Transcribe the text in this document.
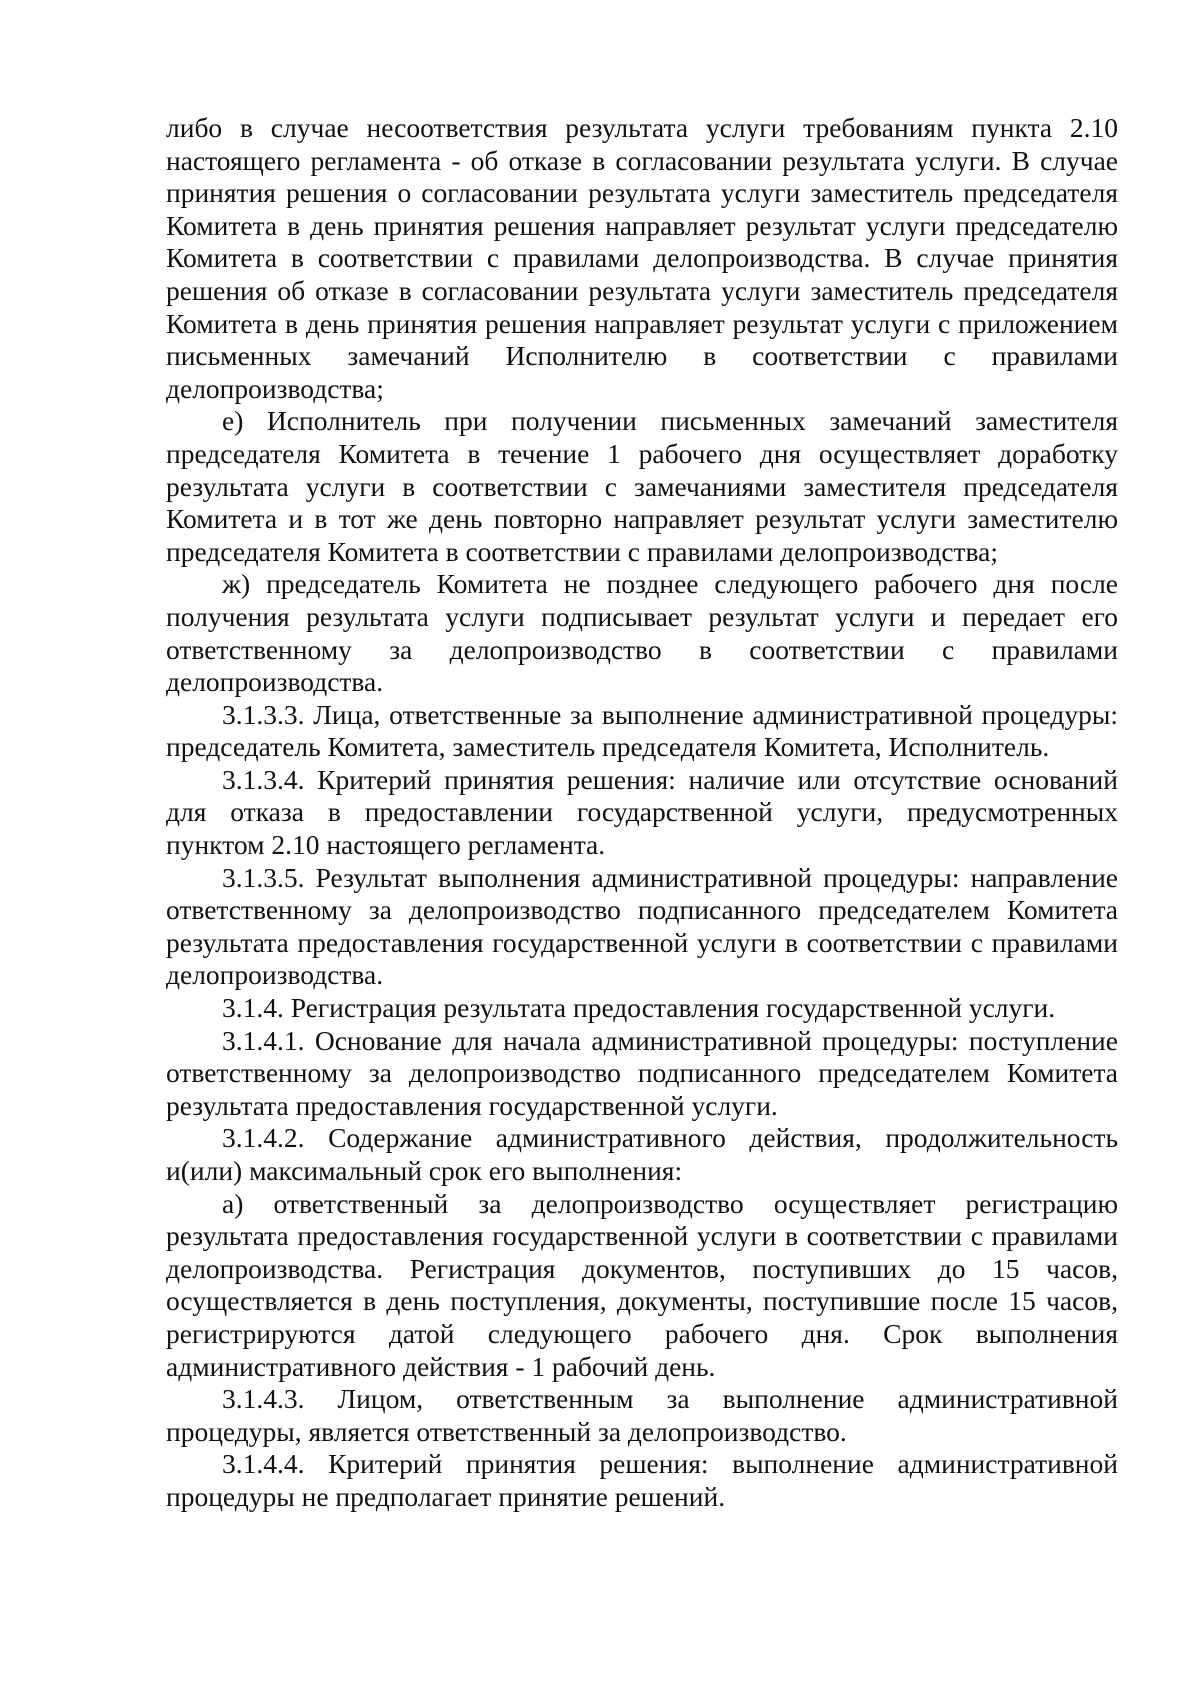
либо в случае несоответствия результата услуги требованиям пункта 2.10 настоящего регламента - об отказе в согласовании результата услуги. В случае принятия решения о согласовании результата услуги заместитель председателя Комитета в день принятия решения направляет результат услуги председателю Комитета в соответствии с правилами делопроизводства. В случае принятия решения об отказе в согласовании результата услуги заместитель председателя Комитета в день принятия решения направляет результат услуги с приложением письменных замечаний Исполнителю в соответствии с правилами делопроизводства;

е) Исполнитель при получении письменных замечаний заместителя председателя Комитета в течение 1 рабочего дня осуществляет доработку результата услуги в соответствии с замечаниями заместителя председателя Комитета и в тот же день повторно направляет результат услуги заместителю председателя Комитета в соответствии с правилами делопроизводства;

ж) председатель Комитета не позднее следующего рабочего дня после получения результата услуги подписывает результат услуги и передает его ответственному за делопроизводство в соответствии с правилами делопроизводства.

3.1.3.3. Лица, ответственные за выполнение административной процедуры: председатель Комитета, заместитель председателя Комитета, Исполнитель.

3.1.3.4. Критерий принятия решения: наличие или отсутствие оснований для отказа в предоставлении государственной услуги, предусмотренных пунктом 2.10 настоящего регламента.

3.1.3.5. Результат выполнения административной процедуры: направление ответственному за делопроизводство подписанного председателем Комитета результата предоставления государственной услуги в соответствии с правилами делопроизводства.

3.1.4. Регистрация результата предоставления государственной услуги.

3.1.4.1. Основание для начала административной процедуры: поступление ответственному за делопроизводство подписанного председателем Комитета результата предоставления государственной услуги.

3.1.4.2. Содержание административного действия, продолжительность и(или) максимальный срок его выполнения:

а) ответственный за делопроизводство осуществляет регистрацию результата предоставления государственной услуги в соответствии с правилами делопроизводства. Регистрация документов, поступивших до 15 часов, осуществляется в день поступления, документы, поступившие после 15 часов, регистрируются датой следующего рабочего дня. Срок выполнения административного действия - 1 рабочий день.

3.1.4.3. Лицом, ответственным за выполнение административной процедуры, является ответственный за делопроизводство.

3.1.4.4. Критерий принятия решения: выполнение административной процедуры не предполагает принятие решений.
